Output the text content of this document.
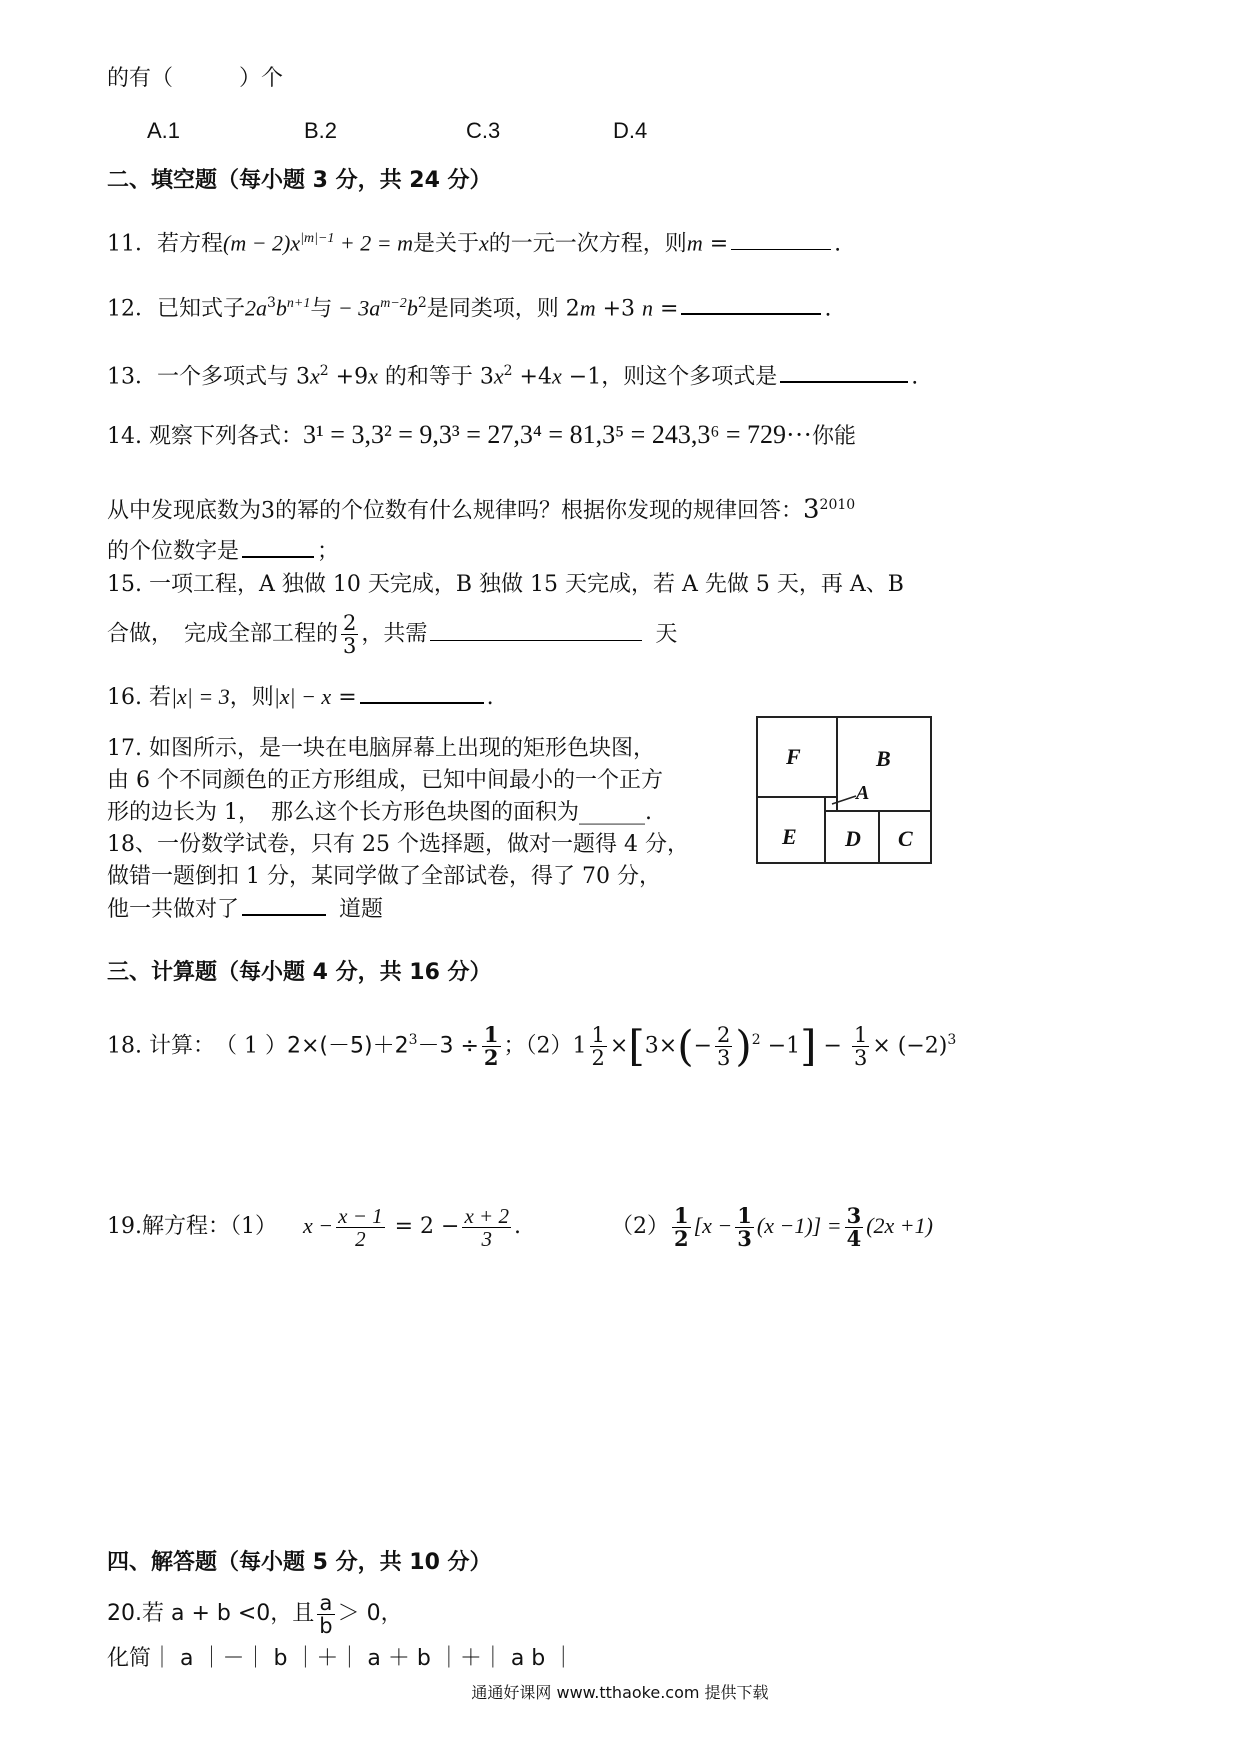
的有（　　　）个
A.1	B.2	C.3	D.4
二、填空题（每小题 3 分，共 24 分）
11．若方程$(m - 2)x^{|m|-1} + 2 = m$是关于x的一元一次方程，则m =	.
12．已知式子$2a^3b^{n+1}$与 − $3a^{m-2}b^2$是同类项，则 2m +3 n =	.
13．一个多项式与 $3x^2 +9x$ 的和等于 $3x^2 +4x -1$，则这个多项式是	.
14. 观察下列各式：3¹ = 3,3² = 9,3³ = 27,3⁴ = 81,3⁵ = 243,3⁶ = 729···你能
从中发现底数为3的幂的个位数有什么规律吗？根据你发现的规律回答：$3^{2010}$
的个位数字是	；
15. 一项工程，A 独做 10 天完成，B 独做 15 天完成，若 A 先做 5 天，再 A、B
合做，　完成全部工程的 $\frac{2}{3}$ ，共需	天
16. 若|x| = 3，则|x| − x =	.
17. 如图所示，是一块在电脑屏幕上出现的矩形色块图，
由 6 个不同颜色的正方形组成，已知中间最小的一个正方
形的边长为 1，　那么这个长方形色块图的面积为______.
18、一份数学试卷，只有 25 个选择题，做对一题得 4 分，
做错一题倒扣 1 分，某同学做了全部试卷，得了 70 分，
他一共做对了	道题
F	B
A
E D C
三、计算题（每小题 4 分，共 16 分）
18. 计算：　（ 1 ）$2\times(-5)+2^3-3 \div \frac{1}{2}$ ；$(2)1 \frac{1}{2} \times[3\times(- \frac{2}{3} )^2 -1] - \frac{1}{3} \times (-2)^3$
19.解方程：（1） $x - \frac{x - 1}{2} = 2 - \frac{x + 2}{3}$ .	$(2) \frac{1}{2} [x - \frac{1}{3} (x -1)] = \frac{3}{4} (2x +1)$
四、解答题（每小题 5 分，共 10 分）
20.若 a + b <0，且 $\frac{a}{b} > 0$，
化简｜ a ｜－｜ b ｜＋｜ a ＋ b ｜＋｜ a b ｜
通通好课网 www.tthaoke.com 提供下载
